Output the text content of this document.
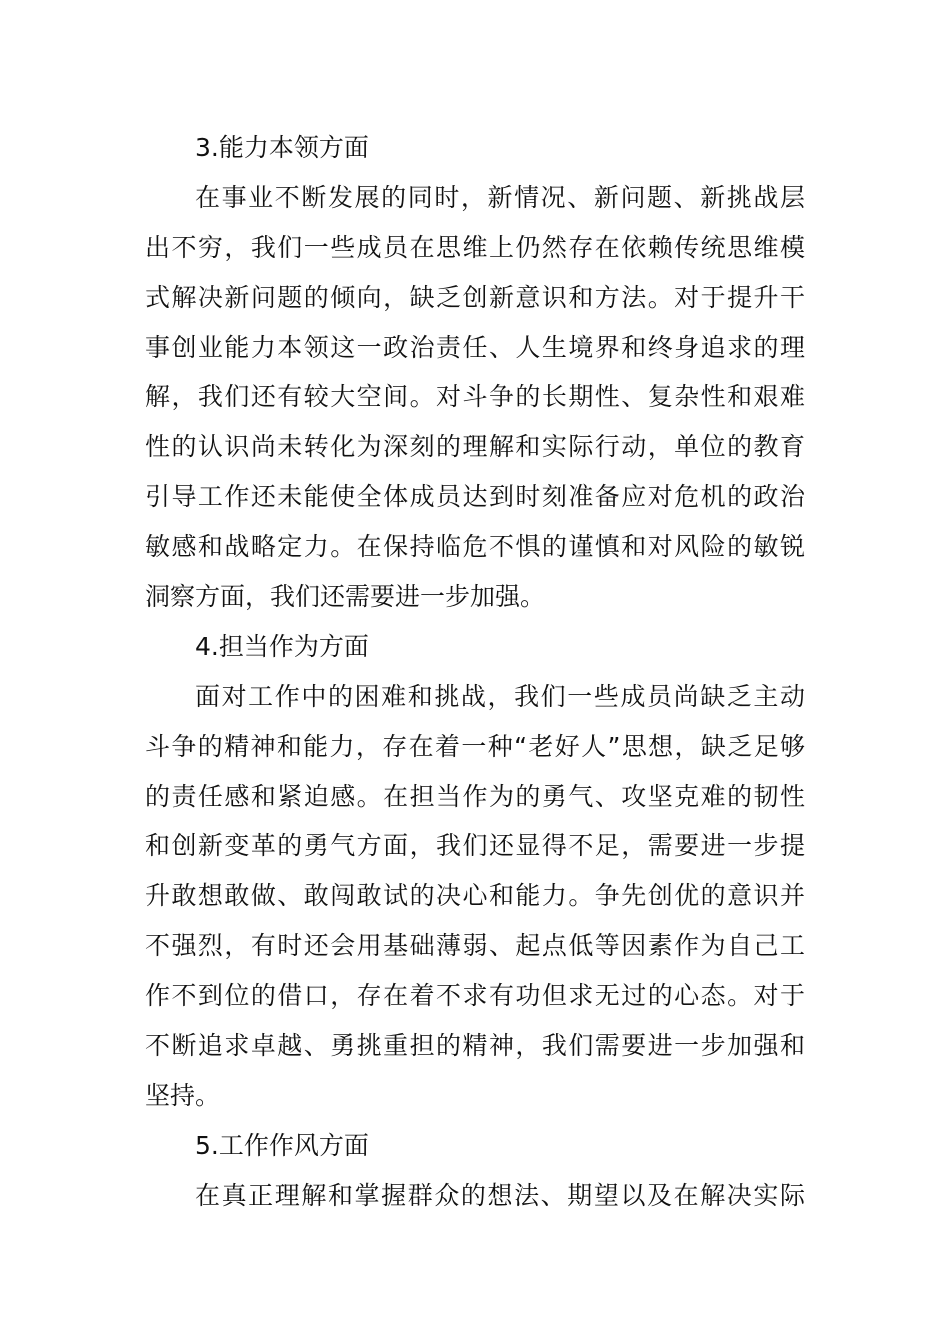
3.能力本领方面
在事业不断发展的同时，新情况、新问题、新挑战层
出不穷，我们一些成员在思维上仍然存在依赖传统思维模
式解决新问题的倾向，缺乏创新意识和方法。对于提升干
事创业能力本领这一政治责任、人生境界和终身追求的理
解，我们还有较大空间。对斗争的长期性、复杂性和艰难
性的认识尚未转化为深刻的理解和实际行动，单位的教育
引导工作还未能使全体成员达到时刻准备应对危机的政治
敏感和战略定力。在保持临危不惧的谨慎和对风险的敏锐
洞察方面，我们还需要进一步加强。
4.担当作为方面
面对工作中的困难和挑战，我们一些成员尚缺乏主动
斗争的精神和能力，存在着一种“老好人”思想，缺乏足够
的责任感和紧迫感。在担当作为的勇气、攻坚克难的韧性
和创新变革的勇气方面，我们还显得不足，需要进一步提
升敢想敢做、敢闯敢试的决心和能力。争先创优的意识并
不强烈，有时还会用基础薄弱、起点低等因素作为自己工
作不到位的借口，存在着不求有功但求无过的心态。对于
不断追求卓越、勇挑重担的精神，我们需要进一步加强和
坚持。
5.工作作风方面
在真正理解和掌握群众的想法、期望以及在解决实际
